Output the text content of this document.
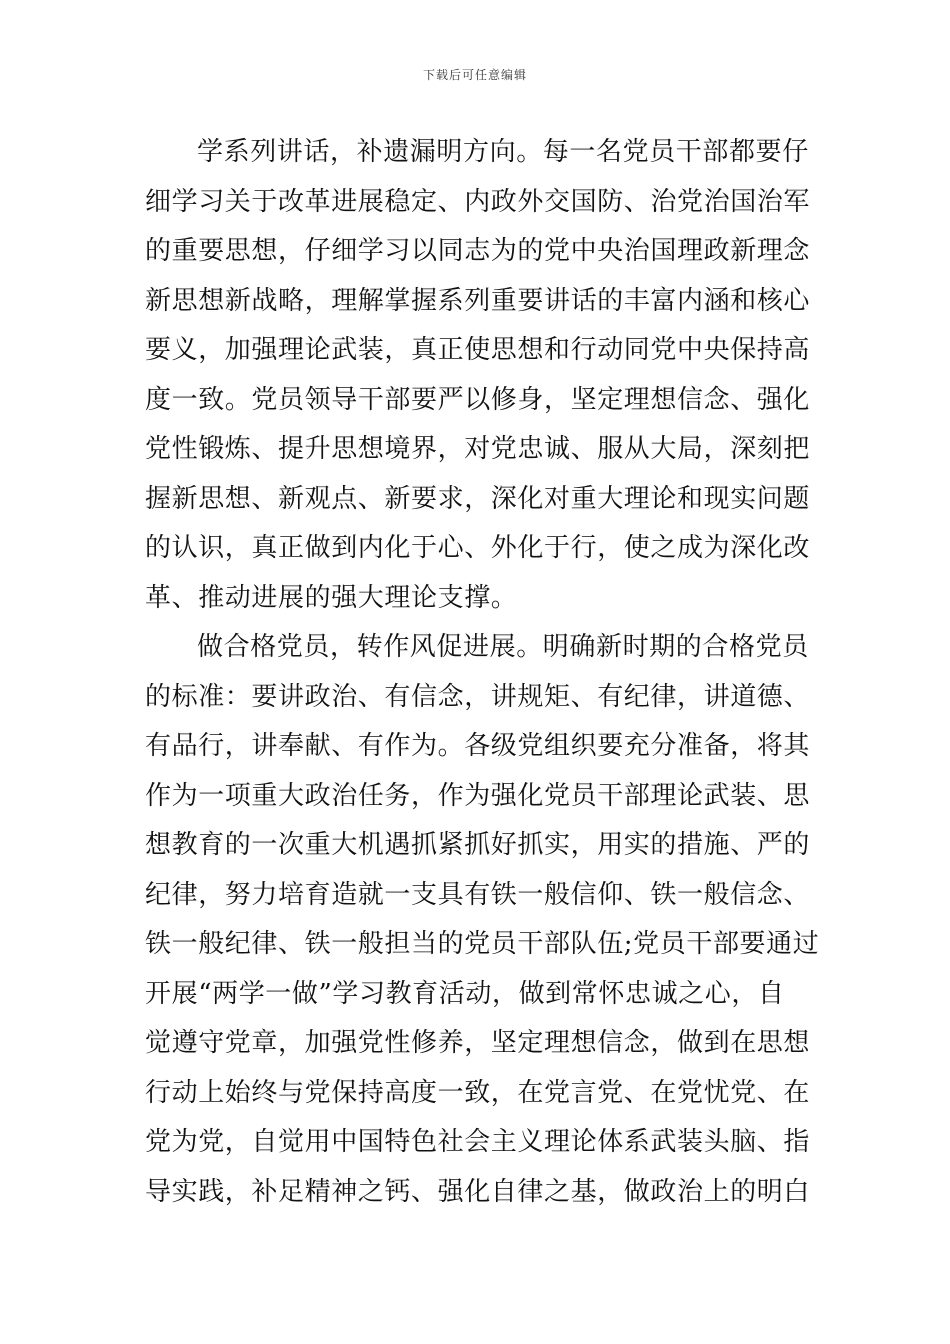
下载后可任意编辑
学系列讲话，补遗漏明方向。每一名党员干部都要仔
细学习关于改革进展稳定、内政外交国防、治党治国治军
的重要思想，仔细学习以同志为的党中央治国理政新理念
新思想新战略，理解掌握系列重要讲话的丰富内涵和核心
要义，加强理论武装，真正使思想和行动同党中央保持高
度一致。党员领导干部要严以修身，坚定理想信念、强化
党性锻炼、提升思想境界，对党忠诚、服从大局，深刻把
握新思想、新观点、新要求，深化对重大理论和现实问题
的认识，真正做到内化于心、外化于行，使之成为深化改
革、推动进展的强大理论支撑。
做合格党员，转作风促进展。明确新时期的合格党员
的标准：要讲政治、有信念，讲规矩、有纪律，讲道德、
有品行，讲奉献、有作为。各级党组织要充分准备，将其
作为一项重大政治任务，作为强化党员干部理论武装、思
想教育的一次重大机遇抓紧抓好抓实，用实的措施、严的
纪律，努力培育造就一支具有铁一般信仰、铁一般信念、
铁一般纪律、铁一般担当的党员干部队伍;党员干部要通过
开展“两学一做”学习教育活动，做到常怀忠诚之心，自
觉遵守党章，加强党性修养，坚定理想信念，做到在思想
行动上始终与党保持高度一致，在党言党、在党忧党、在
党为党，自觉用中国特色社会主义理论体系武装头脑、指
导实践，补足精神之钙、强化自律之基，做政治上的明白
